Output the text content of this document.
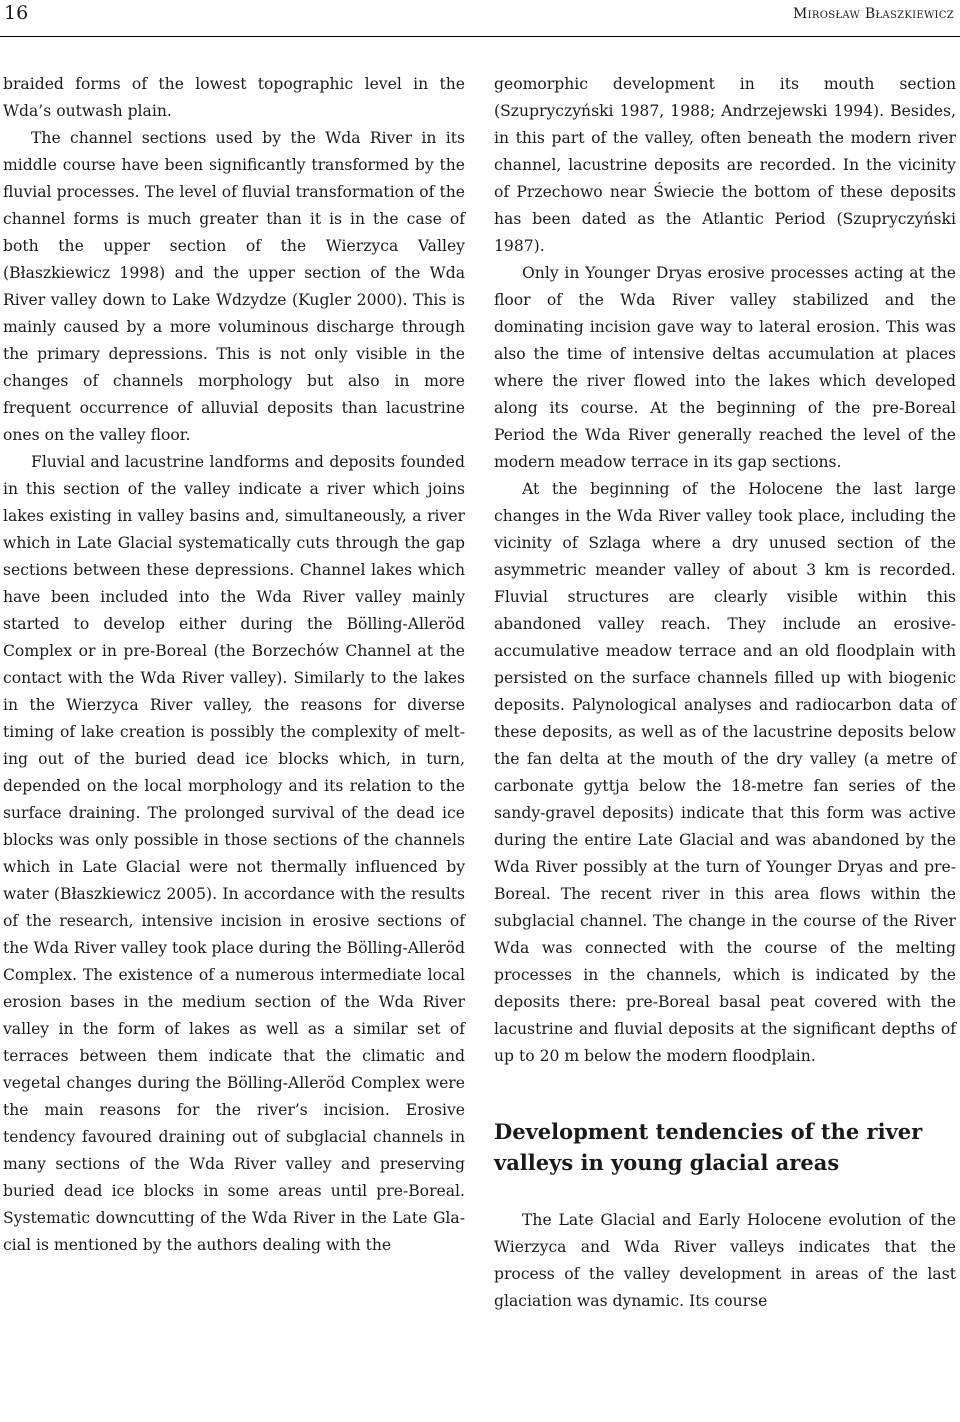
16	Mirosław Błaszkiewicz

braided forms of the lowest topographic level in the Wda’s outwash plain.

The channel sections used by the Wda River in its middle course have been significantly transformed by the fluvial processes. The level of fluvial transformation of the channel forms is much greater than it is in the case of both the upper section of the Wierzyca Valley (Błaszkiewicz 1998) and the upper section of the Wda River valley down to Lake Wdzydze (Kugler 2000). This is mainly caused by a more voluminous discharge through the primary depressions. This is not only visible in the changes of channels morphology but also in more frequent occurrence of alluvial deposits than lacustrine ones on the valley floor.

Fluvial and lacustrine landforms and deposits founded in this section of the valley indicate a river which joins lakes existing in valley basins and, simultaneously, a river which in Late Glacial systematically cuts through the gap sections between these depressions. Channel lakes which have been included into the Wda River valley mainly started to develop either during the Bölling-Alleröd Complex or in pre-Boreal (the Borzechów Channel at the contact with the Wda River valley). Similarly to the lakes in the Wierzyca River valley, the reasons for diverse timing of lake creation is possibly the complexity of melting out of the buried dead ice blocks which, in turn, depended on the local morphology and its relation to the surface draining. The prolonged survival of the dead ice blocks was only possible in those sections of the channels which in Late Glacial were not thermally influenced by water (Błaszkiewicz 2005). In accordance with the results of the research, intensive incision in erosive sections of the Wda River valley took place during the Bölling-Alleröd Complex. The existence of a numerous intermediate local erosion bases in the medium section of the Wda River valley in the form of lakes as well as a similar set of terraces between them indicate that the climatic and vegetal changes during the Bölling-Alleröd Complex were the main reasons for the river’s incision. Erosive tendency favoured draining out of subglacial channels in many sections of the Wda River valley and preserving buried dead ice blocks in some areas until pre-Boreal. Systematic downcutting of the Wda River in the Late Glacial is mentioned by the authors dealing with the

geomorphic development in its mouth section (Szupryczyński 1987, 1988; Andrzejewski 1994). Besides, in this part of the valley, often beneath the modern river channel, lacustrine deposits are recorded. In the vicinity of Przechowo near Świecie the bottom of these deposits has been dated as the Atlantic Period (Szupryczyński 1987).

Only in Younger Dryas erosive processes acting at the floor of the Wda River valley stabilized and the dominating incision gave way to lateral erosion. This was also the time of intensive deltas accumulation at places where the river flowed into the lakes which developed along its course. At the beginning of the pre-Boreal Period the Wda River generally reached the level of the modern meadow terrace in its gap sections.

At the beginning of the Holocene the last large changes in the Wda River valley took place, including the vicinity of Szlaga where a dry unused section of the asymmetric meander valley of about 3 km is recorded. Fluvial structures are clearly visible within this abandoned valley reach. They include an erosive-accumulative meadow terrace and an old floodplain with persisted on the surface channels filled up with biogenic deposits. Palynological analyses and radiocarbon data of these deposits, as well as of the lacustrine deposits below the fan delta at the mouth of the dry valley (a metre of carbonate gyttja below the 18-metre fan series of the sandy-gravel deposits) indicate that this form was active during the entire Late Glacial and was abandoned by the Wda River possibly at the turn of Younger Dryas and pre-Boreal. The recent river in this area flows within the subglacial channel. The change in the course of the River Wda was connected with the course of the melting processes in the channels, which is indicated by the deposits there: pre-Boreal basal peat covered with the lacustrine and fluvial deposits at the significant depths of up to 20 m below the modern floodplain.

Development tendencies of the river valleys in young glacial areas

The Late Glacial and Early Holocene evolution of the Wierzyca and Wda River valleys indicates that the process of the valley development in areas of the last glaciation was dynamic. Its course
